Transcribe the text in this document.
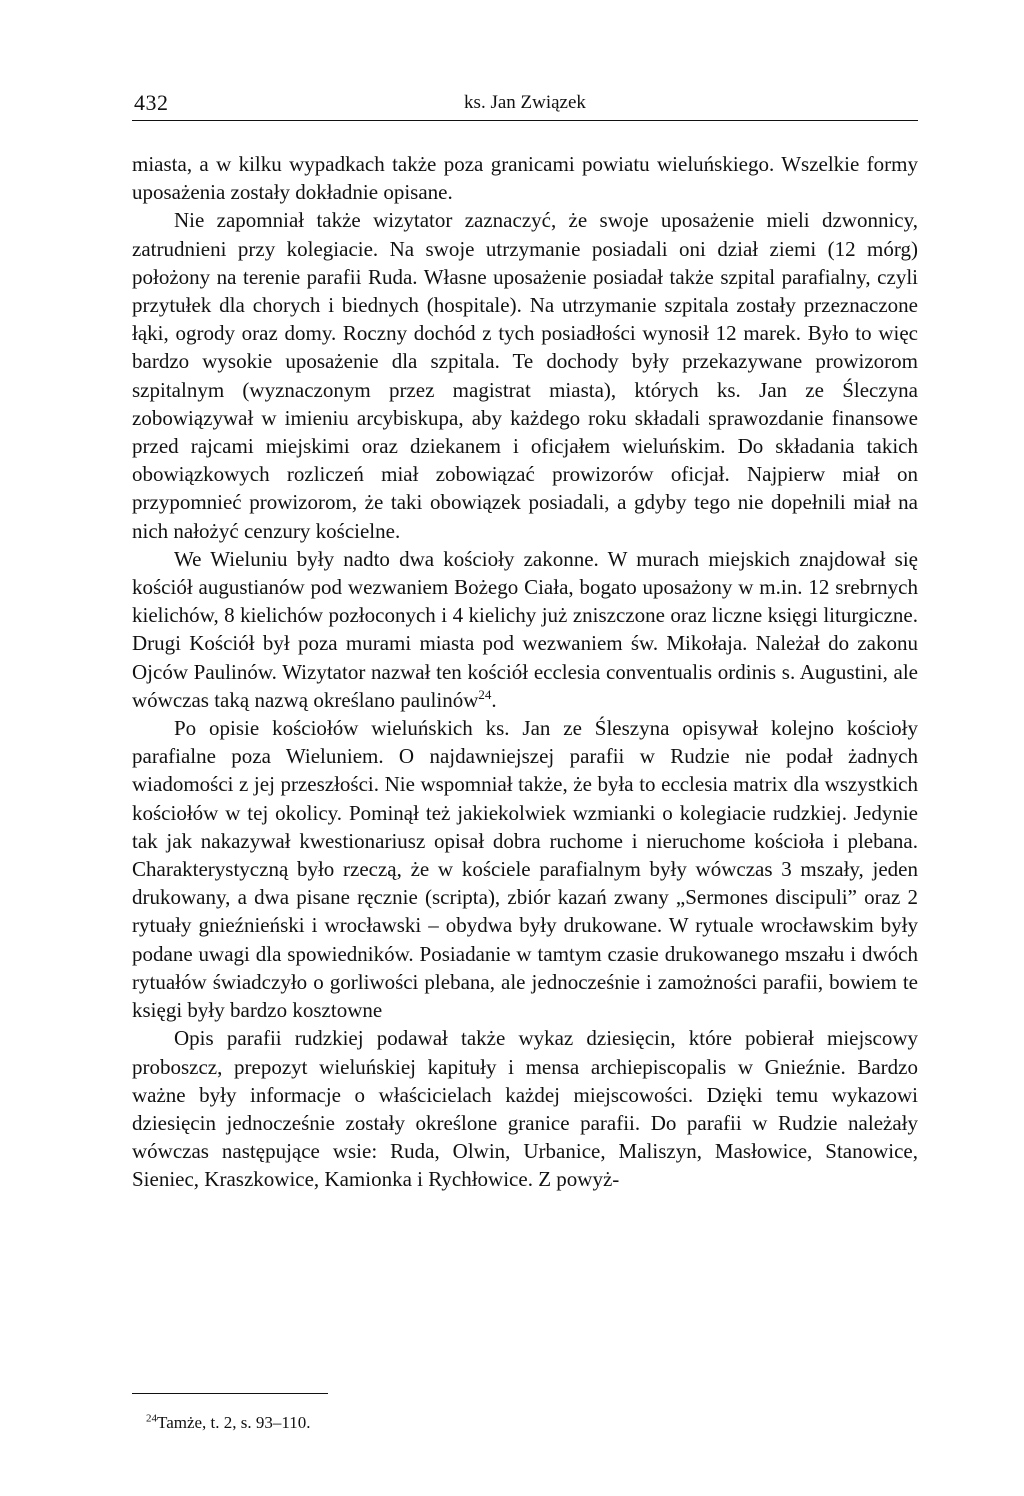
432	ks. Jan Związek

miasta, a w kilku wypadkach także poza granicami powiatu wieluńskiego. Wszelkie formy uposażenia zostały dokładnie opisane.

Nie zapomniał także wizytator zaznaczyć, że swoje uposażenie mieli dzwonnicy, zatrudnieni przy kolegiacie. Na swoje utrzymanie posiadali oni dział ziemi (12 mórg) położony na terenie parafii Ruda. Własne uposażenie posiadał także szpital parafialny, czyli przytułek dla chorych i biednych (hospitale). Na utrzymanie szpitala zostały przeznaczone łąki, ogrody oraz domy. Roczny dochód z tych posiadłości wynosił 12 marek. Było to więc bardzo wysokie uposażenie dla szpitala. Te dochody były przekazywane prowizorom szpitalnym (wyznaczonym przez magistrat miasta), których ks. Jan ze Śleczyna zobowiązywał w imieniu arcybiskupa, aby każdego roku składali sprawozdanie finansowe przed rajcami miejskimi oraz dziekanem i oficjałem wieluńskim. Do składania takich obowiązkowych rozliczeń miał zobowiązać prowizorów oficjał. Najpierw miał on przypomnieć prowizorom, że taki obowiązek posiadali, a gdyby tego nie dopełnili miał na nich nałożyć cenzury kościelne.

We Wieluniu były nadto dwa kościoły zakonne. W murach miejskich znajdował się kościół augustianów pod wezwaniem Bożego Ciała, bogato uposażony w m.in. 12 srebrnych kielichów, 8 kielichów pozłoconych i 4 kielichy już zniszczone oraz liczne księgi liturgiczne. Drugi Kościół był poza murami miasta pod wezwaniem św. Mikołaja. Należał do zakonu Ojców Paulinów. Wizytator nazwał ten kościół ecclesia conventualis ordinis s. Augustini, ale wówczas taką nazwą określano paulinów$^{24}$.

Po opisie kościołów wieluńskich ks. Jan ze Śleszyna opisywał kolejno kościoły parafialne poza Wieluniem. O najdawniejszej parafii w Rudzie nie podał żadnych wiadomości z jej przeszłości. Nie wspomniał także, że była to ecclesia matrix dla wszystkich kościołów w tej okolicy. Pominął też jakiekolwiek wzmianki o kolegiacie rudzkiej. Jedynie tak jak nakazywał kwestionariusz opisał dobra ruchome i nieruchome kościoła i plebana. Charakterystyczną było rzeczą, że w kościele parafialnym były wówczas 3 mszały, jeden drukowany, a dwa pisane ręcznie (scripta), zbiór kazań zwany „Sermones discipuli” oraz 2 rytuały gnieźnieński i wrocławski – obydwa były drukowane. W rytuale wrocławskim były podane uwagi dla spowiedników. Posiadanie w tamtym czasie drukowanego mszału i dwóch rytuałów świadczyło o gorliwości plebana, ale jednocześnie i zamożności parafii, bowiem te księgi były bardzo kosztowne

Opis parafii rudzkiej podawał także wykaz dziesięcin, które pobierał miejscowy proboszcz, prepozyt wieluńskiej kapituły i mensa archiepiscopalis w Gnieźnie. Bardzo ważne były informacje o właścicielach każdej miejscowości. Dzięki temu wykazowi dziesięcin jednocześnie zostały określone granice parafii. Do parafii w Rudzie należały wówczas następujące wsie: Ruda, Olwin, Urbanice, Maliszyn, Masłowice, Stanowice, Sieniec, Kraszkowice, Kamionka i Rychłowice. Z powyż-

$^{24}$Tamże, t. 2, s. 93–110.
